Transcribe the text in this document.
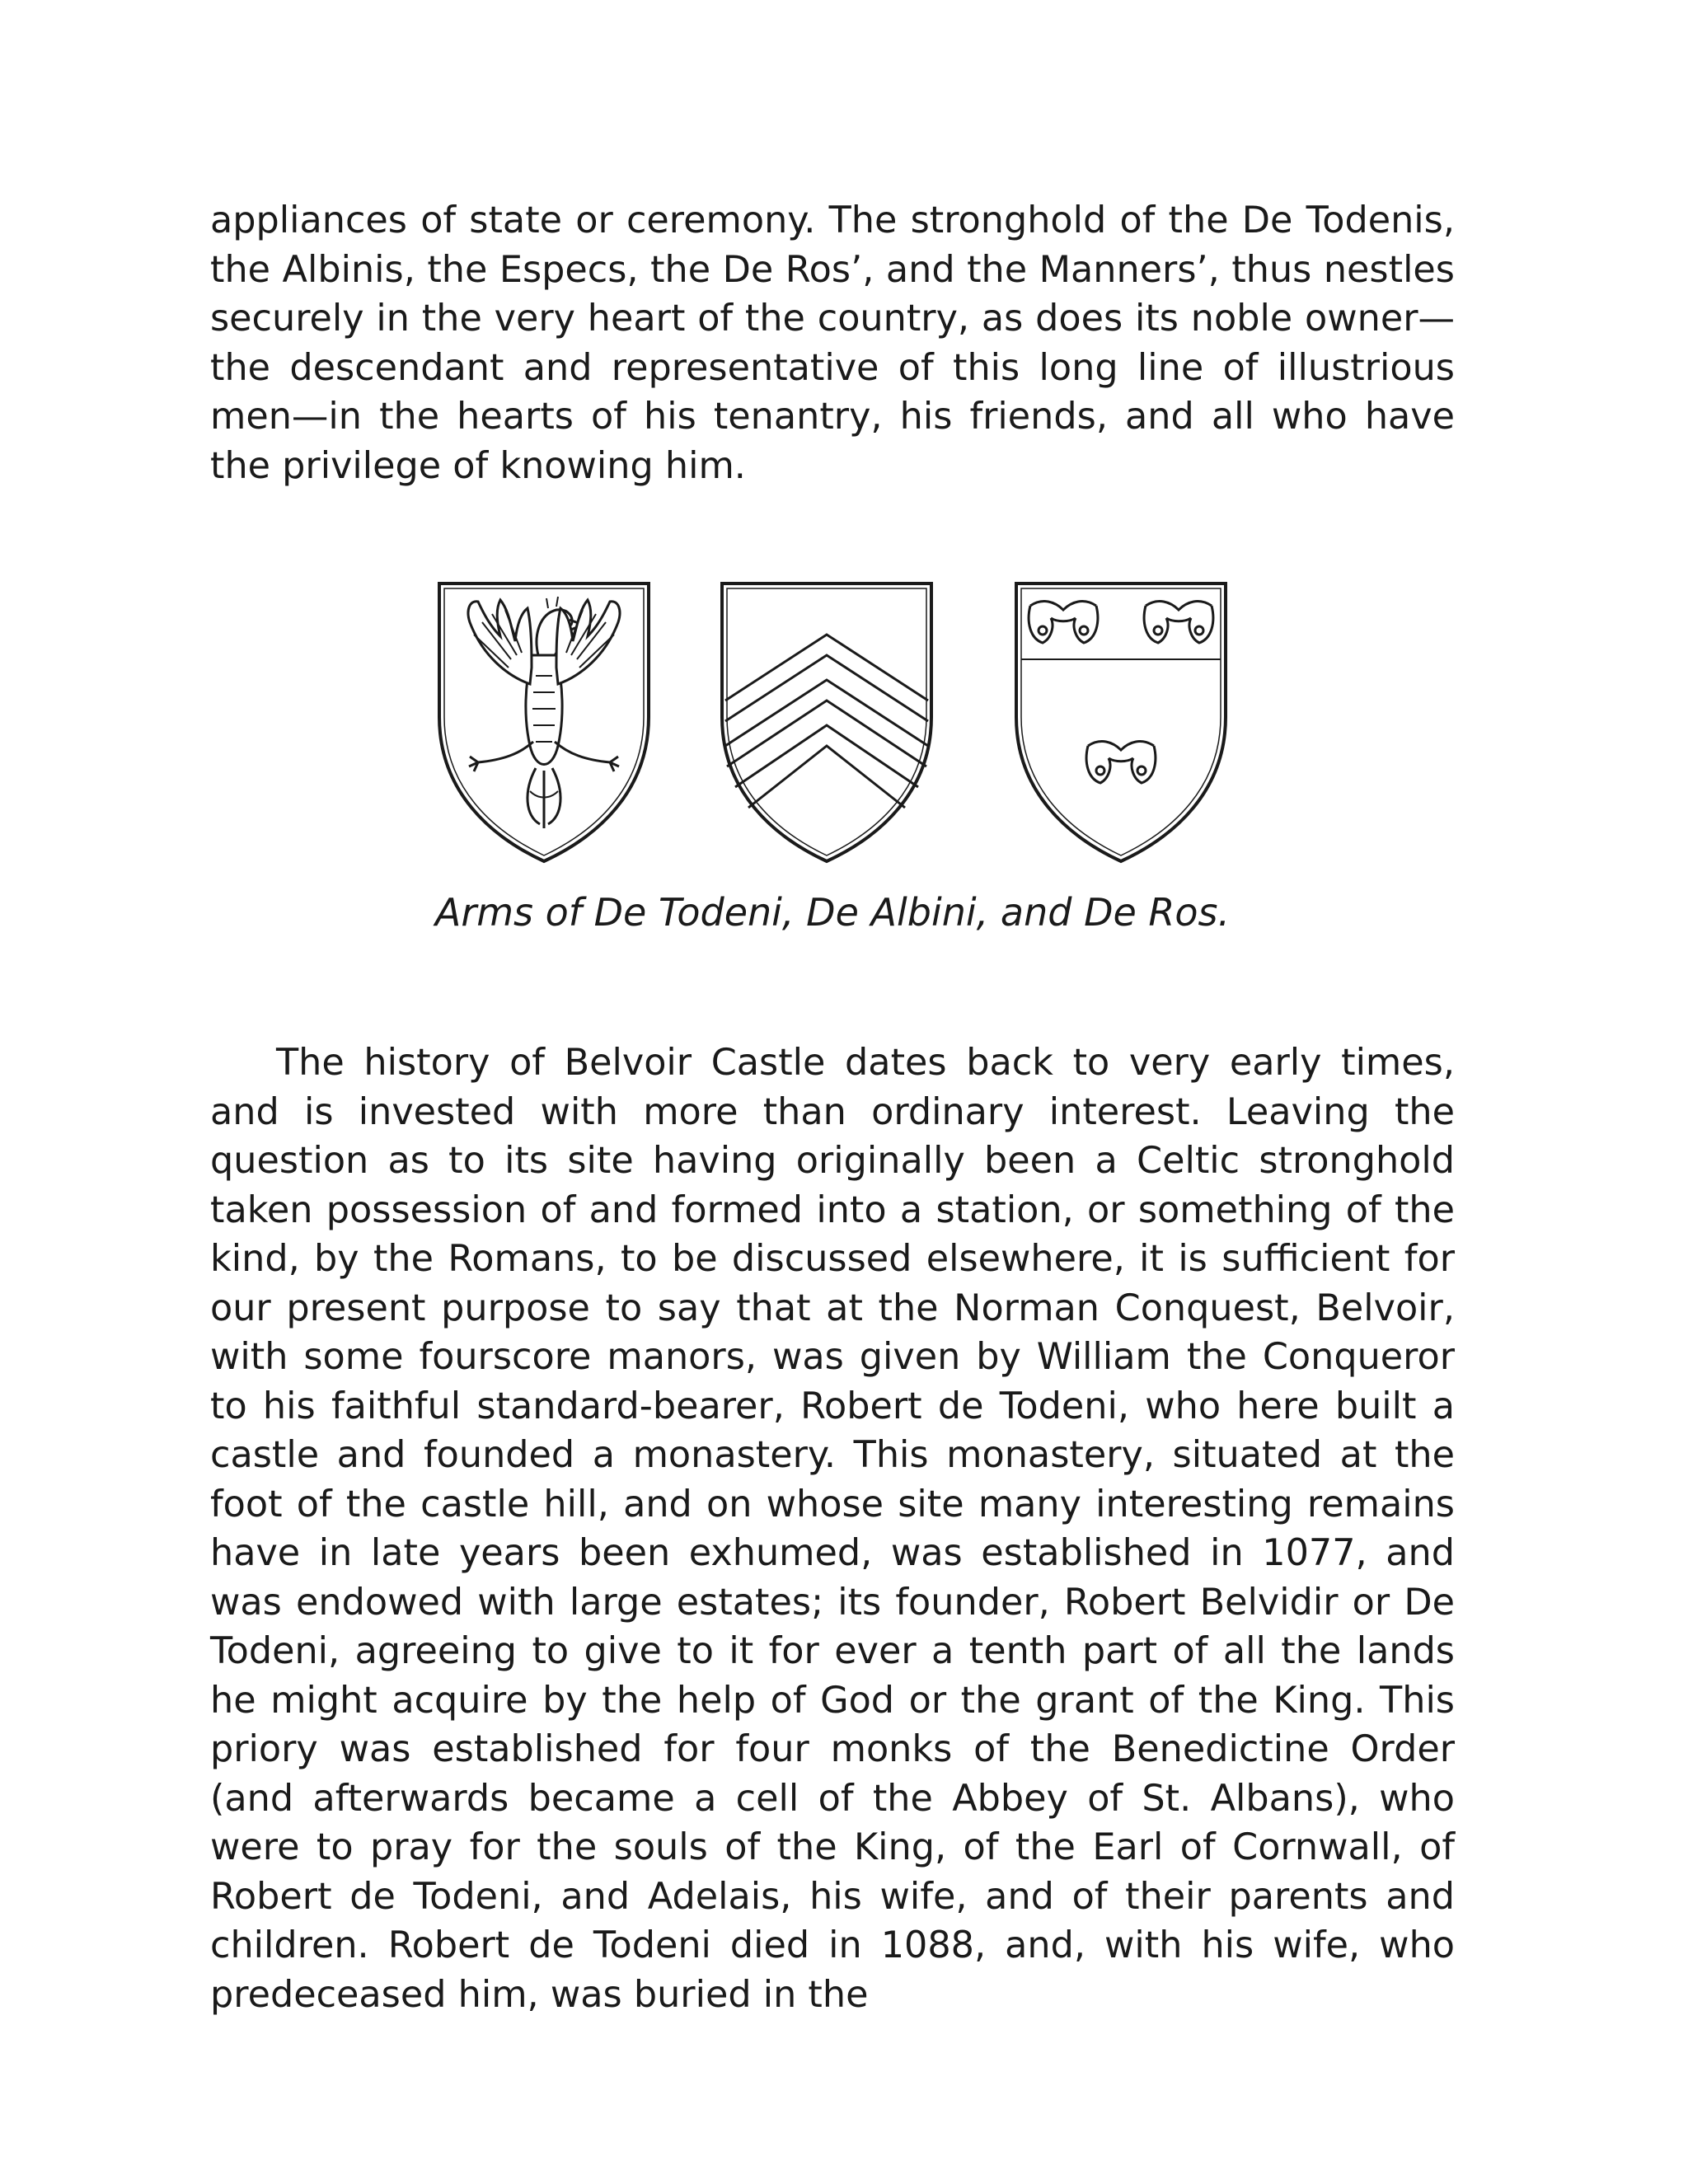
appliances of state or ceremony. The stronghold of the De Todenis, the Albinis, the Especs, the De Ros’, and the Manners’, thus nestles securely in the very heart of the country, as does its noble owner—the descendant and representative of this long line of illustrious men—in the hearts of his tenantry, his friends, and all who have the privilege of knowing him.

Arms of De Todeni, De Albini, and De Ros.

The history of Belvoir Castle dates back to very early times, and is invested with more than ordinary interest. Leaving the question as to its site having originally been a Celtic stronghold taken possession of and formed into a station, or something of the kind, by the Romans, to be discussed elsewhere, it is sufficient for our present purpose to say that at the Norman Conquest, Belvoir, with some fourscore manors, was given by William the Conqueror to his faithful standard-bearer, Robert de Todeni, who here built a castle and founded a monastery. This monastery, situated at the foot of the castle hill, and on whose site many interesting remains have in late years been exhumed, was established in 1077, and was endowed with large estates; its founder, Robert Belvidir or De Todeni, agreeing to give to it for ever a tenth part of all the lands he might acquire by the help of God or the grant of the King. This priory was established for four monks of the Benedictine Order (and afterwards became a cell of the Abbey of St. Albans), who were to pray for the souls of the King, of the Earl of Cornwall, of Robert de Todeni, and Adelais, his wife, and of their parents and children. Robert de Todeni died in 1088, and, with his wife, who predeceased him, was buried in the
